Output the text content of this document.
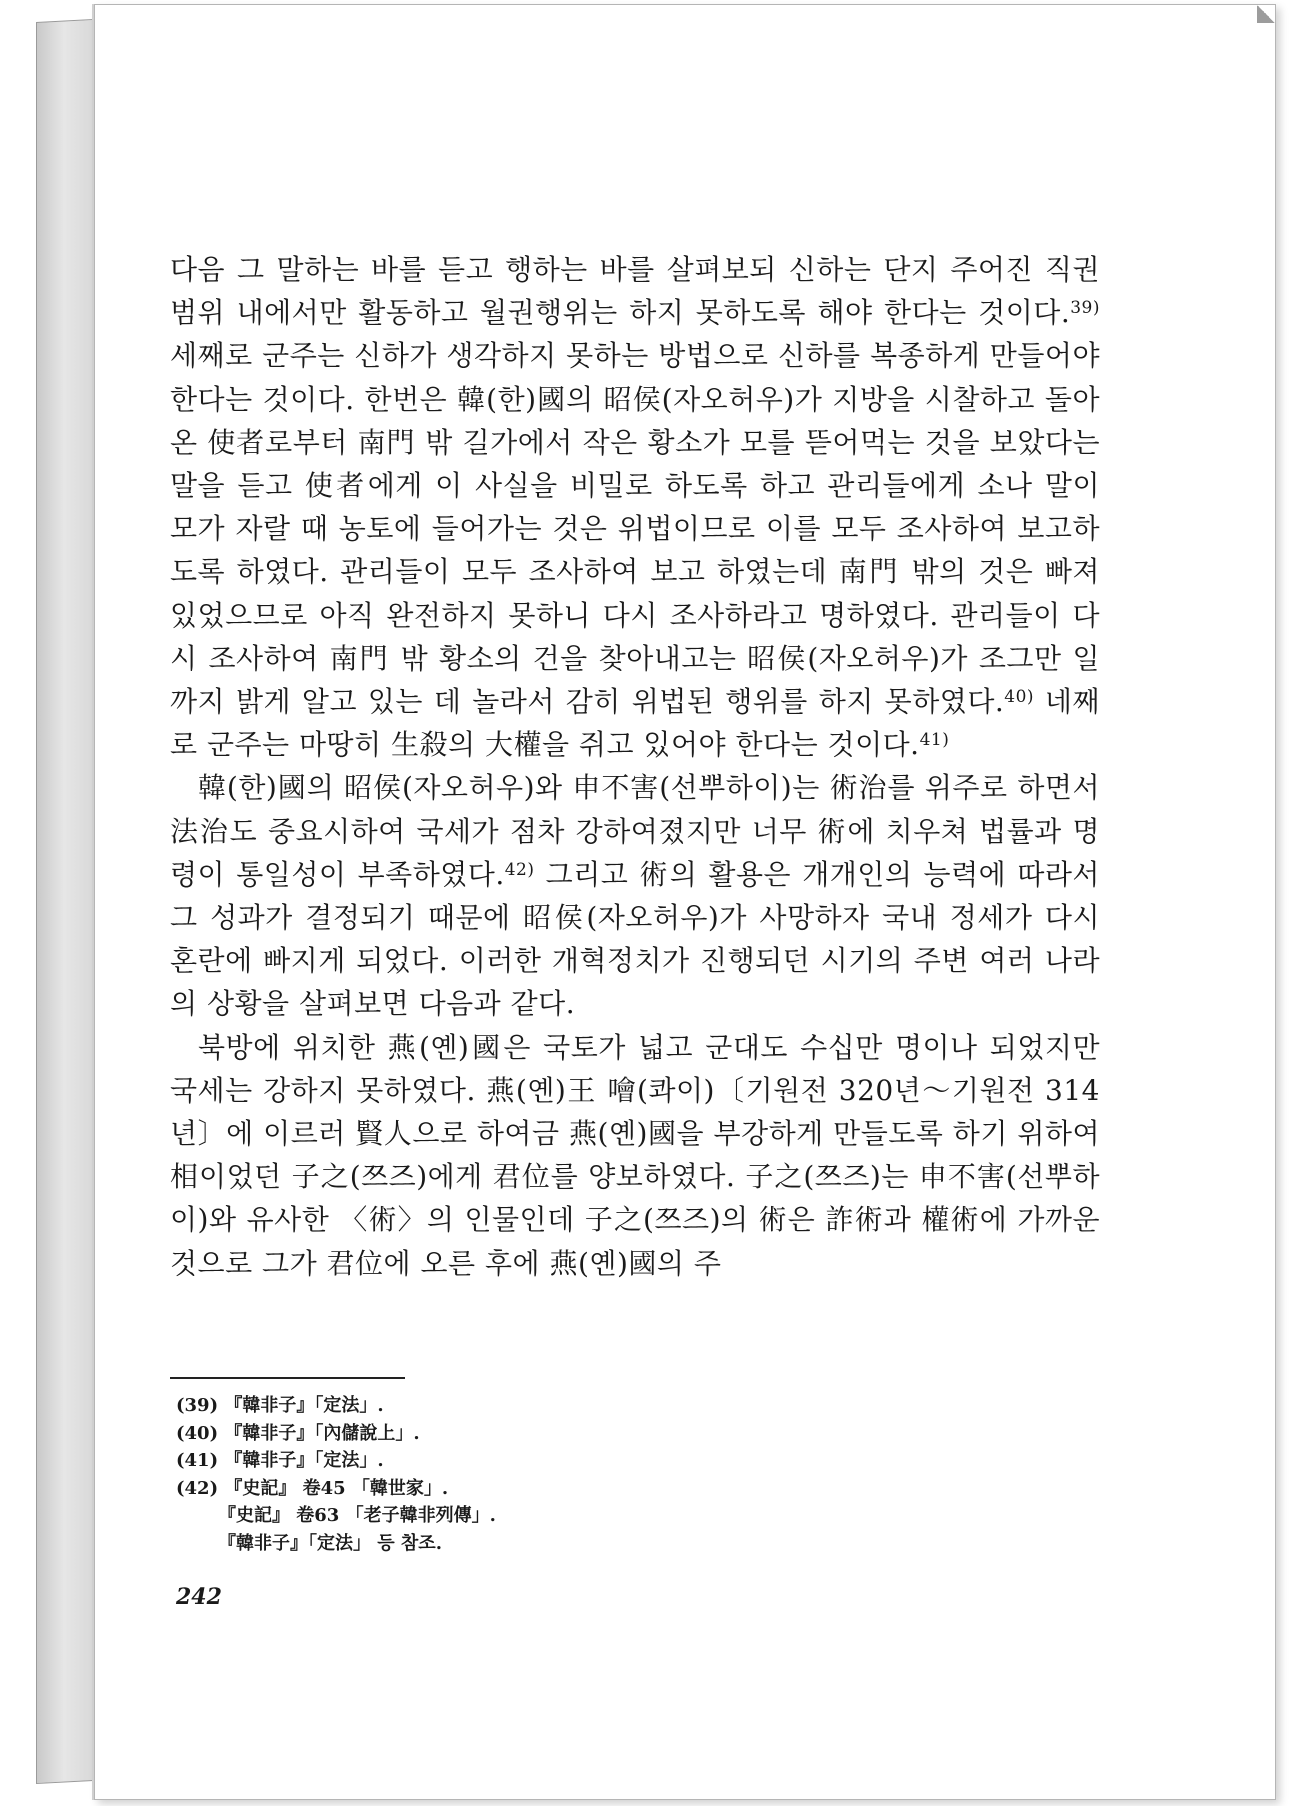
다음 그 말하는 바를 듣고 행하는 바를 살펴보되 신하는 단지 주어진 직권 범위 내에서만 활동하고 월권행위는 하지 못하도록 해야 한다는 것이다.$^{39)}$ 세째로 군주는 신하가 생각하지 못하는 방법으로 신하를 복종하게 만들어야 한다는 것이다. 한번은 韓(한)國의 昭侯(자오허우)가 지방을 시찰하고 돌아온 使者로부터 南門 밖 길가에서 작은 황소가 모를 뜯어먹는 것을 보았다는 말을 듣고 使者에게 이 사실을 비밀로 하도록 하고 관리들에게 소나 말이 모가 자랄 때 농토에 들어가는 것은 위법이므로 이를 모두 조사하여 보고하도록 하였다. 관리들이 모두 조사하여 보고 하였는데 南門 밖의 것은 빠져 있었으므로 아직 완전하지 못하니 다시 조사하라고 명하였다. 관리들이 다시 조사하여 南門 밖 황소의 건을 찾아내고는 昭侯(자오허우)가 조그만 일까지 밝게 알고 있는 데 놀라서 감히 위법된 행위를 하지 못하였다.$^{40)}$ 네째로 군주는 마땅히 生殺의 大權을 쥐고 있어야 한다는 것이다.$^{41)}$

韓(한)國의 昭侯(자오허우)와 申不害(선뿌하이)는 術治를 위주로 하면서 法治도 중요시하여 국세가 점차 강하여졌지만 너무 術에 치우쳐 법률과 명령이 통일성이 부족하였다.$^{42)}$ 그리고 術의 활용은 개개인의 능력에 따라서 그 성과가 결정되기 때문에 昭侯(자오허우)가 사망하자 국내 정세가 다시 혼란에 빠지게 되었다. 이러한 개혁정치가 진행되던 시기의 주변 여러 나라의 상황을 살펴보면 다음과 같다.

북방에 위치한 燕(옌)國은 국토가 넓고 군대도 수십만 명이나 되었지만 국세는 강하지 못하였다. 燕(옌)王 噲(콰이)〔기원전 320년～기원전 314년〕에 이르러 賢人으로 하여금 燕(옌)國을 부강하게 만들도록 하기 위하여 相이었던 子之(쯔즈)에게 君位를 양보하였다. 子之(쯔즈)는 申不害(선뿌하이)와 유사한 〈術〉의 인물인데 子之(쯔즈)의 術은 詐術과 權術에 가까운 것으로 그가 君位에 오른 후에 燕(옌)國의 주

(39) 『韓非子』「定法」.
(40) 『韓非子』「內儲說上」.
(41) 『韓非子』「定法」.
(42) 『史記』 卷45 「韓世家」.
『史記』 卷63 「老子韓非列傳」.
『韓非子』「定法」 등 참조.
242
